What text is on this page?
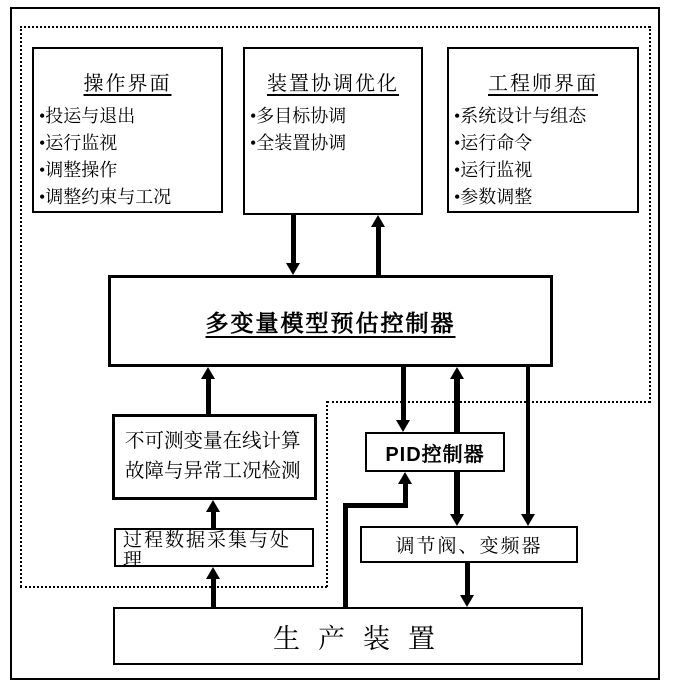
操作界面
•投运与退出
•运行监视
•调整操作
•调整约束与工况
装置协调优化
•多目标协调
•全装置协调
工程师界面
•系统设计与组态
•运行命令
•运行监视
•参数调整
多变量模型预估控制器
不可测变量在线计算
故障与异常工况检测
过程数据采集与处理
PID控制器
调节阀、变频器
生产装置
